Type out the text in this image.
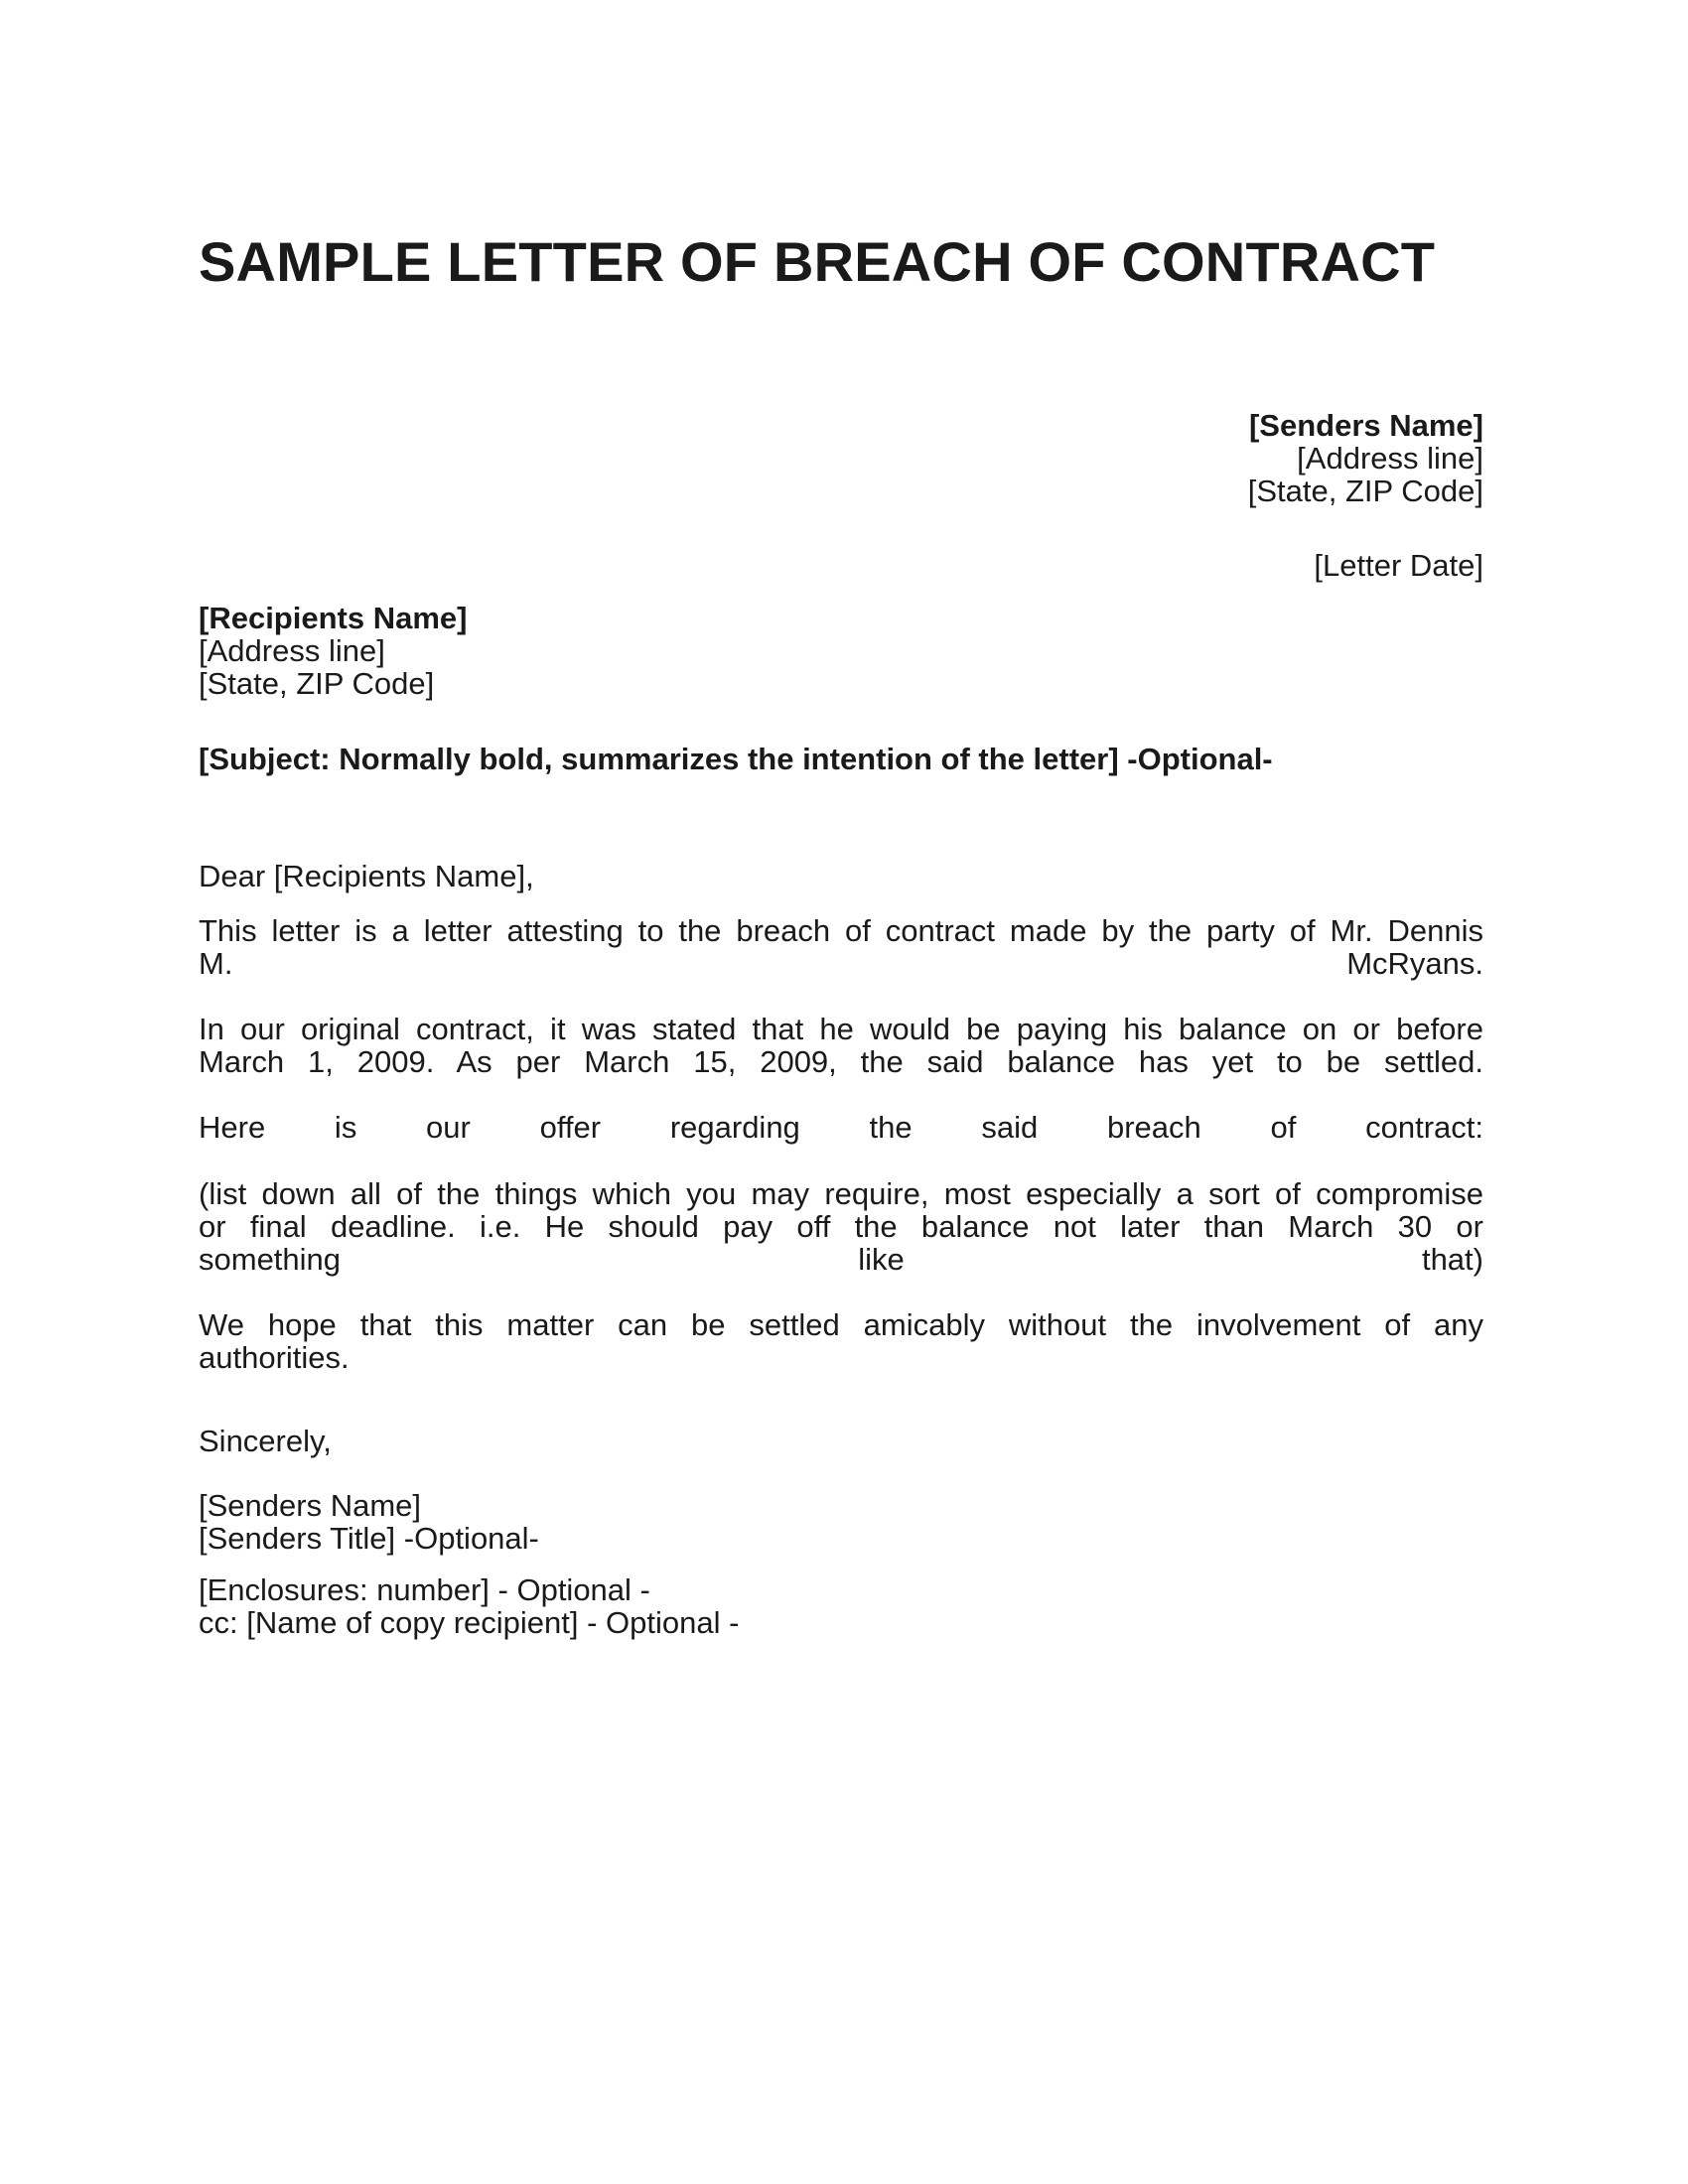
SAMPLE LETTER OF BREACH OF CONTRACT
[Senders Name]
[Address line]
[State, ZIP Code]
[Letter Date]
[Recipients Name]
[Address line]
[State, ZIP Code]
[Subject: Normally bold, summarizes the intention of the letter] -Optional-
Dear [Recipients Name],
This letter is a letter attesting to the breach of contract made by the party of Mr. Dennis
M. McRyans.
In our original contract, it was stated that he would be paying his balance on or before
March 1, 2009. As per March 15, 2009, the said balance has yet to be settled.
Here is our offer regarding the said breach of contract:
(list down all of the things which you may require, most especially a sort of compromise
or final deadline. i.e. He should pay off the balance not later than March 30 or
something like that)
We hope that this matter can be settled amicably without the involvement of any
authorities.
Sincerely,
[Senders Name]
[Senders Title] -Optional-
[Enclosures: number] - Optional -
cc: [Name of copy recipient] - Optional -
